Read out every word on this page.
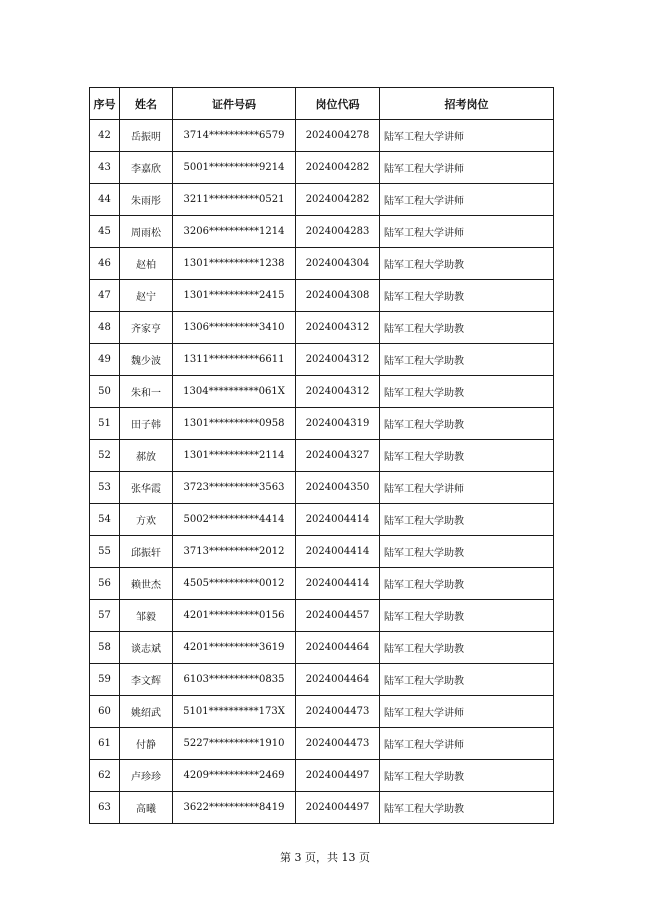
序号	姓名	证件号码	岗位代码	招考岗位
42	岳振明	3714**********6579	2024004278	陆军工程大学讲师
43	李嘉欣	5001**********9214	2024004282	陆军工程大学讲师
44	朱雨彤	3211**********0521	2024004282	陆军工程大学讲师
45	周雨松	3206**********1214	2024004283	陆军工程大学讲师
46	赵柏	1301**********1238	2024004304	陆军工程大学助教
47	赵宁	1301**********2415	2024004308	陆军工程大学助教
48	齐家亨	1306**********3410	2024004312	陆军工程大学助教
49	魏少波	1311**********6611	2024004312	陆军工程大学助教
50	朱和一	1304**********061X	2024004312	陆军工程大学助教
51	田子韩	1301**********0958	2024004319	陆军工程大学助教
52	郝放	1301**********2114	2024004327	陆军工程大学助教
53	张华霞	3723**********3563	2024004350	陆军工程大学讲师
54	方欢	5002**********4414	2024004414	陆军工程大学助教
55	邱振轩	3713**********2012	2024004414	陆军工程大学助教
56	赖世杰	4505**********0012	2024004414	陆军工程大学助教
57	邹毅	4201**********0156	2024004457	陆军工程大学助教
58	谈志斌	4201**********3619	2024004464	陆军工程大学助教
59	李文辉	6103**********0835	2024004464	陆军工程大学助教
60	姚绍武	5101**********173X	2024004473	陆军工程大学讲师
61	付静	5227**********1910	2024004473	陆军工程大学讲师
62	卢珍珍	4209**********2469	2024004497	陆军工程大学助教
63	高曦	3622**********8419	2024004497	陆军工程大学助教
第 3 页，共 13 页
